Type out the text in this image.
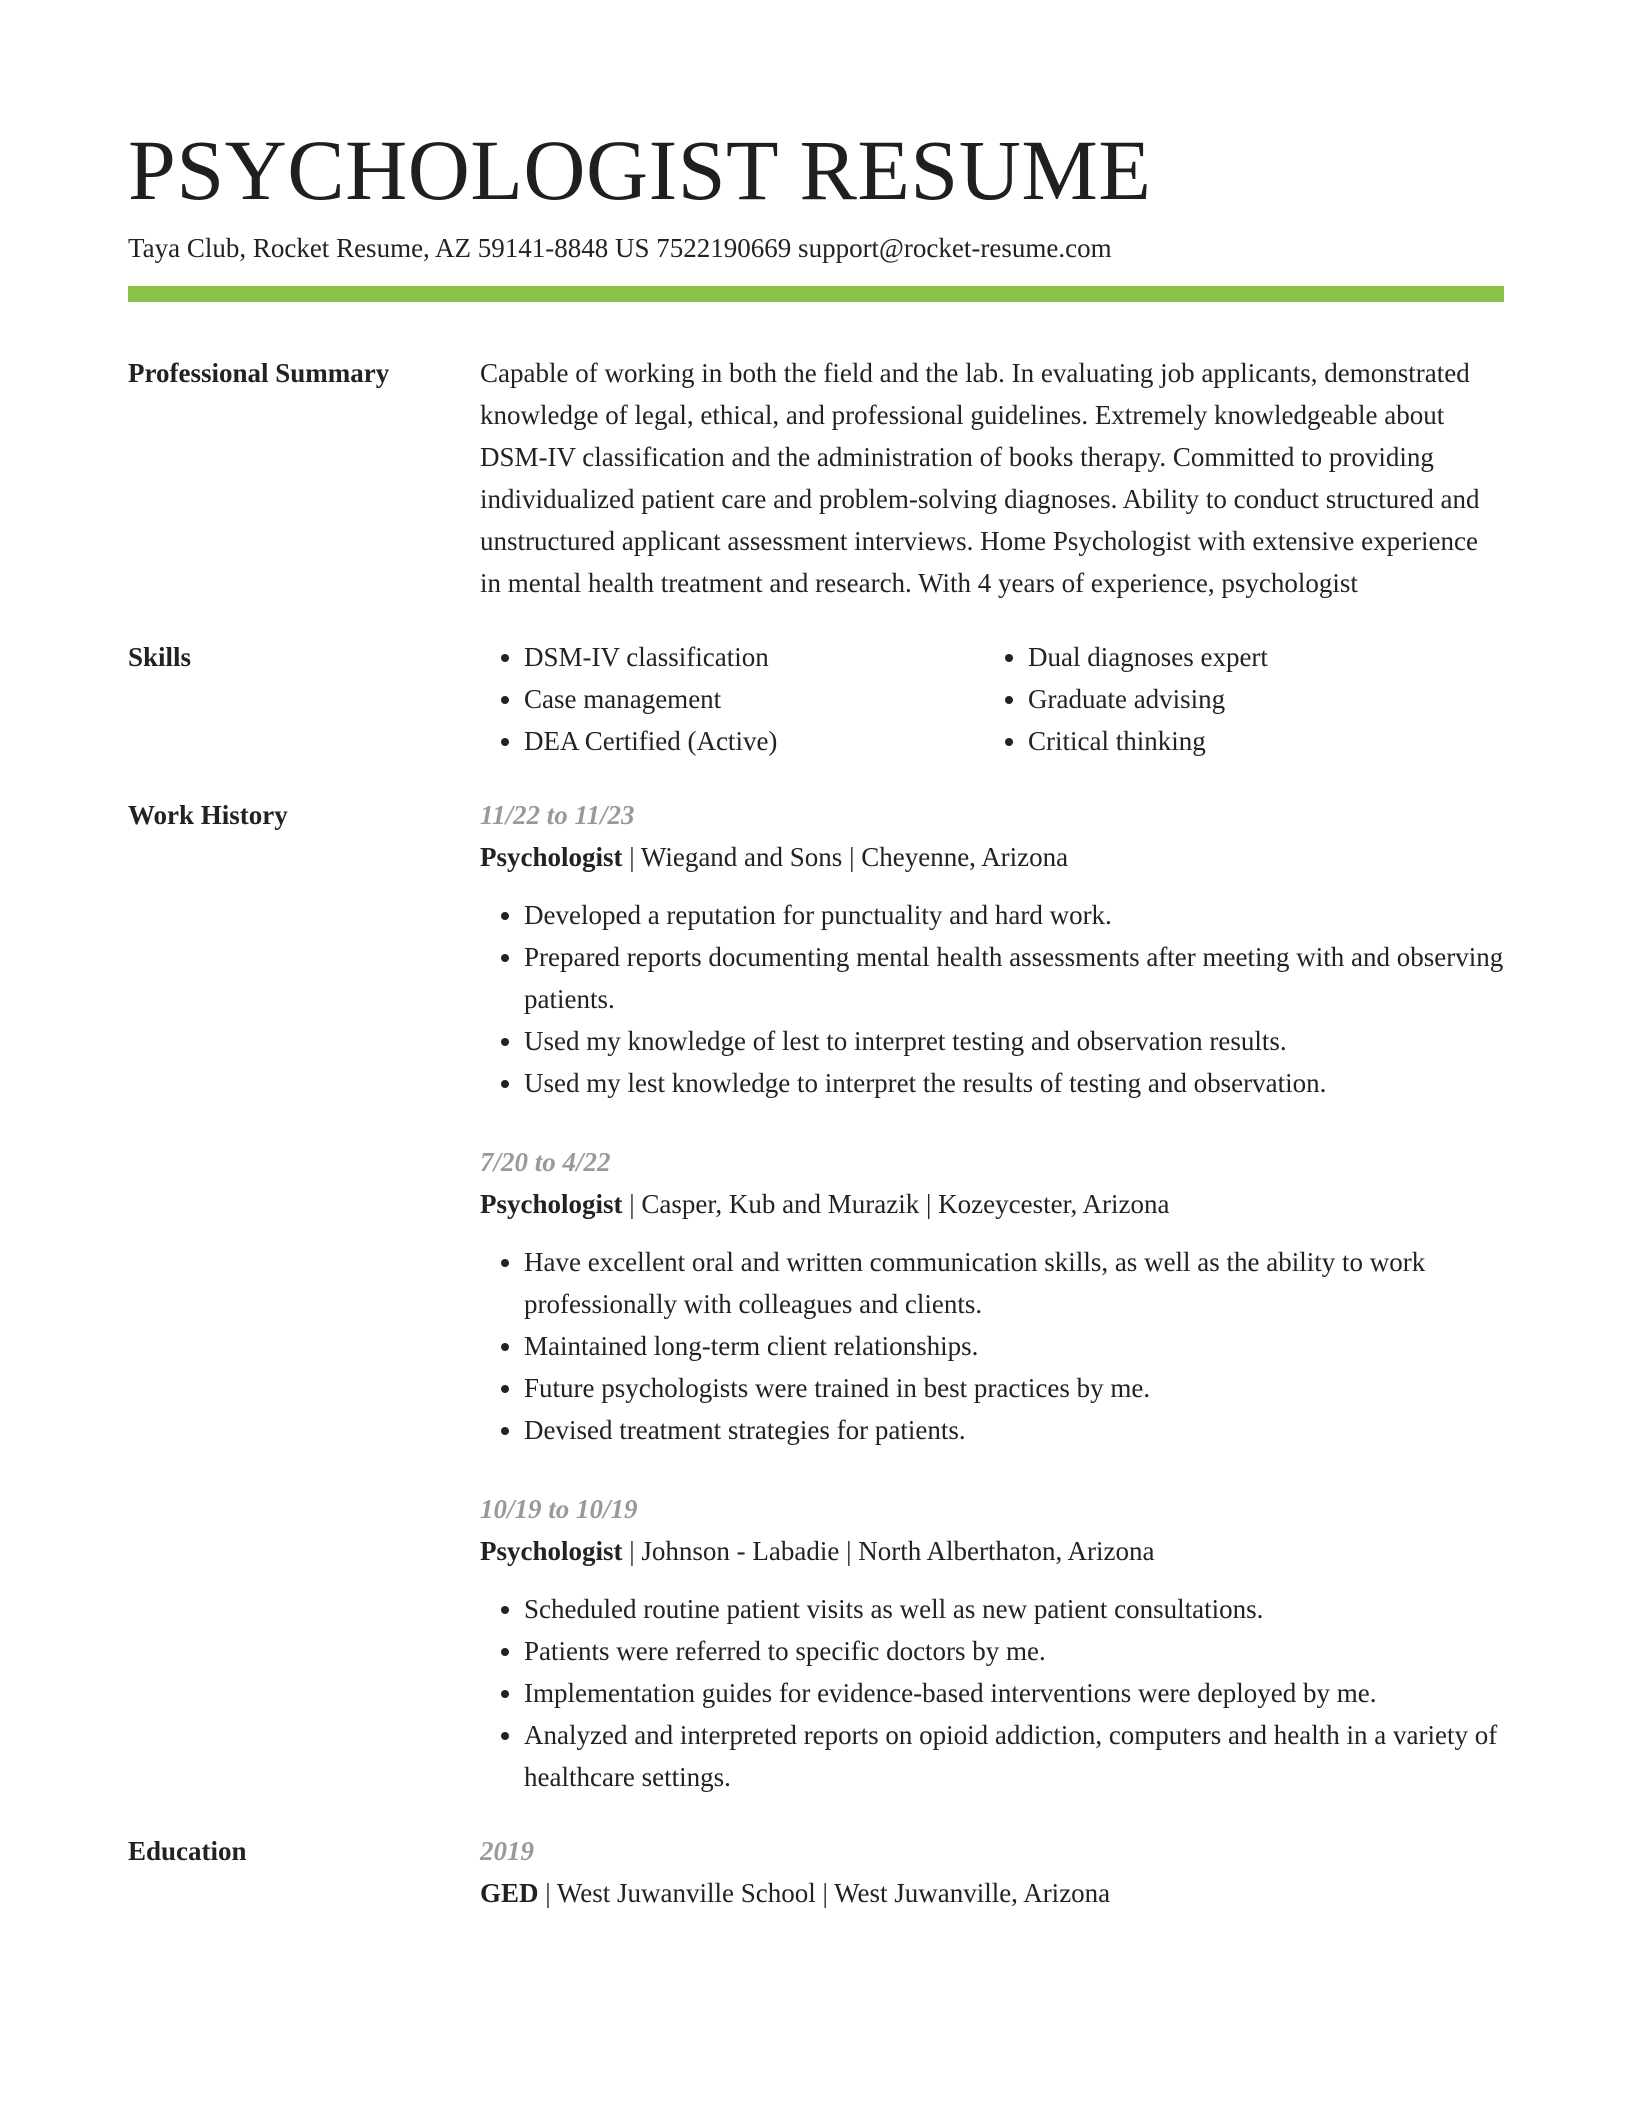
PSYCHOLOGIST RESUME
Taya Club, Rocket Resume, AZ 59141-8848 US 7522190669 support@rocket-resume.com
Professional Summary	Capable of working in both the field and the lab. In evaluating job applicants, demonstrated knowledge of legal, ethical, and professional guidelines. Extremely knowledgeable about DSM-IV classification and the administration of books therapy. Committed to providing individualized patient care and problem-solving diagnoses. Ability to conduct structured and unstructured applicant assessment interviews. Home Psychologist with extensive experience in mental health treatment and research. With 4 years of experience, psychologist
Skills
•	DSM-IV classification
• Case management
• DEA Certified (Active)
• Dual diagnoses expert
• Graduate advising
• Critical thinking
Work History	11/22 to 11/23
Psychologist | Wiegand and Sons | Cheyenne, Arizona
• Developed a reputation for punctuality and hard work.
• Prepared reports documenting mental health assessments after meeting with and observing patients.
• Used my knowledge of lest to interpret testing and observation results.
• Used my lest knowledge to interpret the results of testing and observation.
7/20 to 4/22
Psychologist | Casper, Kub and Murazik | Kozeycester, Arizona
• Have excellent oral and written communication skills, as well as the ability to work professionally with colleagues and clients.
• Maintained long-term client relationships.
• Future psychologists were trained in best practices by me.
• Devised treatment strategies for patients.
10/19 to 10/19
Psychologist | Johnson - Labadie | North Alberthaton, Arizona
• Scheduled routine patient visits as well as new patient consultations.
• Patients were referred to specific doctors by me.
• Implementation guides for evidence-based interventions were deployed by me.
• Analyzed and interpreted reports on opioid addiction, computers and health in a variety of healthcare settings.
Education	2019
GED | West Juwanville School | West Juwanville, Arizona
